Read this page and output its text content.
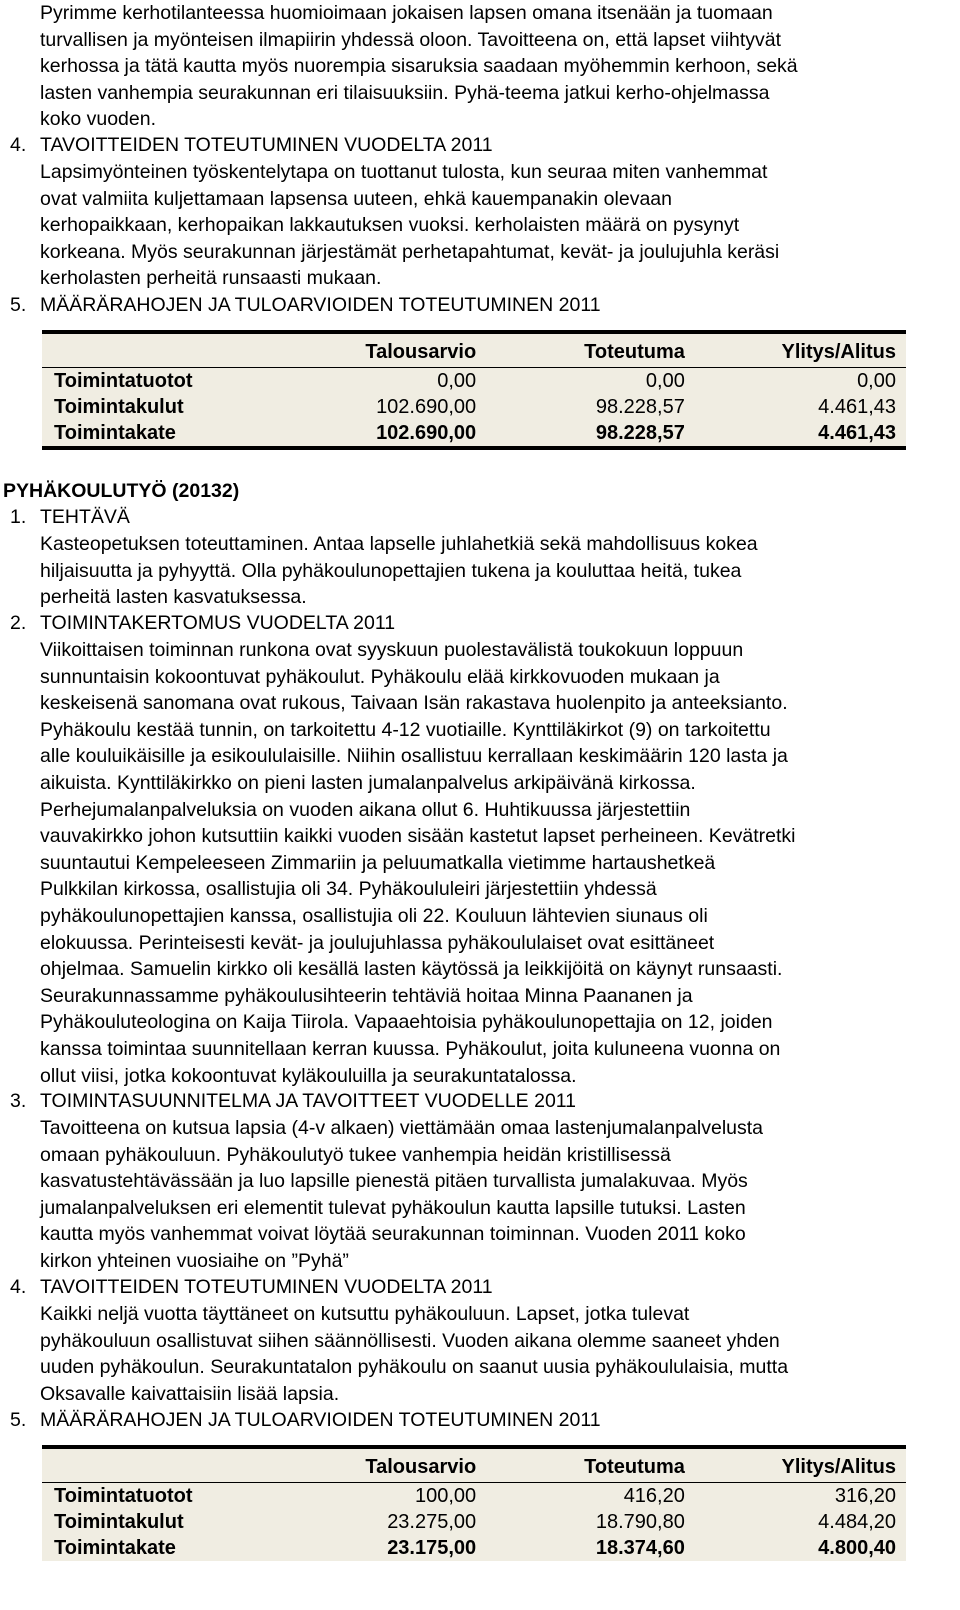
Pyrimme kerhotilanteessa huomioimaan jokaisen lapsen omana itsenään ja tuomaan
turvallisen ja myönteisen ilmapiirin yhdessä oloon. Tavoitteena on, että lapset viihtyvät
kerhossa ja tätä kautta myös nuorempia sisaruksia saadaan myöhemmin kerhoon, sekä
lasten vanhempia seurakunnan eri tilaisuuksiin. Pyhä-teema jatkui kerho-ohjelmassa
koko vuoden.
4. TAVOITTEIDEN TOTEUTUMINEN VUODELTA 2011
Lapsimyönteinen työskentelytapa on tuottanut tulosta, kun seuraa miten vanhemmat
ovat valmiita kuljettamaan lapsensa uuteen, ehkä kauempanakin olevaan
kerhopaikkaan, kerhopaikan lakkautuksen vuoksi. kerholaisten määrä on pysynyt
korkeana. Myös seurakunnan järjestämät perhetapahtumat, kevät- ja joulujuhla keräsi
kerholasten perheitä runsaasti mukaan.
5. MÄÄRÄRAHOJEN JA TULOARVIOIDEN TOTEUTUMINEN 2011
	Talousarvio	Toteutuma	Ylitys/Alitus
Toimintatuotot	0,00	0,00	0,00
Toimintakulut	102.690,00	98.228,57	4.461,43
Toimintakate	102.690,00	98.228,57	4.461,43
PYHÄKOULUTYÖ (20132)
1. TEHTÄVÄ
Kasteopetuksen toteuttaminen. Antaa lapselle juhlahetkiä sekä mahdollisuus kokea
hiljaisuutta ja pyhyyttä. Olla pyhäkoulunopettajien tukena ja kouluttaa heitä, tukea
perheitä lasten kasvatuksessa.
2. TOIMINTAKERTOMUS VUODELTA 2011
Viikoittaisen toiminnan runkona ovat syyskuun puolestavälistä toukokuun loppuun
sunnuntaisin kokoontuvat pyhäkoulut. Pyhäkoulu elää kirkkovuoden mukaan ja
keskeisenä sanomana ovat rukous, Taivaan Isän rakastava huolenpito ja anteeksianto.
Pyhäkoulu kestää tunnin, on tarkoitettu 4-12 vuotiaille. Kynttiläkirkot (9) on tarkoitettu
alle kouluikäisille ja esikoululaisille. Niihin osallistuu kerrallaan keskimäärin 120 lasta ja
aikuista. Kynttiläkirkko on pieni lasten jumalanpalvelus arkipäivänä kirkossa.
Perhejumalanpalveluksia on vuoden aikana ollut 6. Huhtikuussa järjestettiin
vauvakirkko johon kutsuttiin kaikki vuoden sisään kastetut lapset perheineen. Kevätretki
suuntautui Kempeleeseen Zimmariin ja peluumatkalla vietimme hartaushetkeä
Pulkkilan kirkossa, osallistujia oli 34. Pyhäkoululeiri järjestettiin yhdessä
pyhäkoulunopettajien kanssa, osallistujia oli 22. Kouluun lähtevien siunaus oli
elokuussa. Perinteisesti kevät- ja joulujuhlassa pyhäkoululaiset ovat esittäneet
ohjelmaa. Samuelin kirkko oli kesällä lasten käytössä ja leikkijöitä on käynyt runsaasti.
Seurakunnassamme pyhäkoulusihteerin tehtäviä hoitaa Minna Paananen ja
Pyhäkouluteologina on Kaija Tiirola. Vapaaehtoisia pyhäkoulunopettajia on 12, joiden
kanssa toimintaa suunnitellaan kerran kuussa. Pyhäkoulut, joita kuluneena vuonna on
ollut viisi, jotka kokoontuvat kyläkouluilla ja seurakuntatalossa.
3. TOIMINTASUUNNITELMA JA TAVOITTEET VUODELLE 2011
Tavoitteena on kutsua lapsia (4-v alkaen) viettämään omaa lastenjumalanpalvelusta
omaan pyhäkouluun. Pyhäkoulutyö tukee vanhempia heidän kristillisessä
kasvatustehtävässään ja luo lapsille pienestä pitäen turvallista jumalakuvaa. Myös
jumalanpalveluksen eri elementit tulevat pyhäkoulun kautta lapsille tutuksi. Lasten
kautta myös vanhemmat voivat löytää seurakunnan toiminnan. Vuoden 2011 koko
kirkon yhteinen vuosiaihe on ”Pyhä”
4. TAVOITTEIDEN TOTEUTUMINEN VUODELTA 2011
Kaikki neljä vuotta täyttäneet on kutsuttu pyhäkouluun. Lapset, jotka tulevat
pyhäkouluun osallistuvat siihen säännöllisesti. Vuoden aikana olemme saaneet yhden
uuden pyhäkoulun. Seurakuntatalon pyhäkoulu on saanut uusia pyhäkoululaisia, mutta
Oksavalle kaivattaisiin lisää lapsia.
5. MÄÄRÄRAHOJEN JA TULOARVIOIDEN TOTEUTUMINEN 2011
	Talousarvio	Toteutuma	Ylitys/Alitus
Toimintatuotot	100,00	416,20	316,20
Toimintakulut	23.275,00	18.790,80	4.484,20
Toimintakate	23.175,00	18.374,60	4.800,40
